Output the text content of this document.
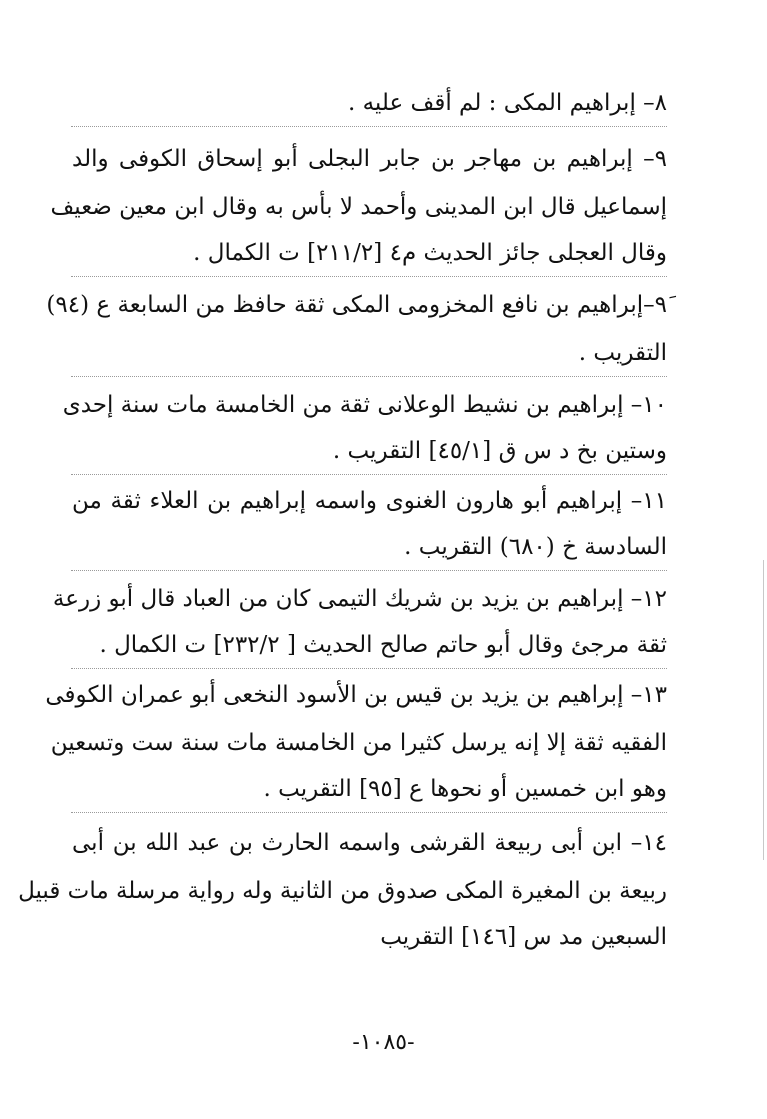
٨– إبراهيم المكى : لم أقف عليه .
٩– إبراهيم بن مهاجر بن جابر البجلى أبو إسحاق الكوفى والد
إسماعيل قال ابن المدينى وأحمد لا بأس به وقال ابن معين ضعيف
وقال العجلى جائز الحديث م٤ [٢١١/٢] ت الكمال .
٩َ–إبراهيم بن نافع المخزومى المكى ثقة حافظ من السابعة ع (٩٤)
التقريب .
١٠– إبراهيم بن نشيط الوعلانى ثقة من الخامسة مات سنة إحدى
وستين بخ د س ق [٤٥/١] التقريب .
١١– إبراهيم أبو هارون الغنوى واسمه إبراهيم بن العلاء ثقة من
السادسة خ (٦٨٠) التقريب .
١٢– إبراهيم بن يزيد بن شريك التيمى كان من العباد قال أبو زرعة
ثقة مرجئ وقال أبو حاتم صالح الحديث [ ٢٣٢/٢] ت الكمال .
١٣– إبراهيم بن يزيد بن قيس بن الأسود النخعى أبو عمران الكوفى
الفقيه ثقة إلا إنه يرسل كثيرا من الخامسة مات سنة ست وتسعين
وهو ابن خمسين أو نحوها ع [٩٥] التقريب .
١٤– ابن أبى ربيعة القرشى واسمه الحارث بن عبد الله بن أبى
ربيعة بن المغيرة المكى صدوق من الثانية وله رواية مرسلة مات قبيل
السبعين مد س [١٤٦] التقريب
-١٠٨٥-
